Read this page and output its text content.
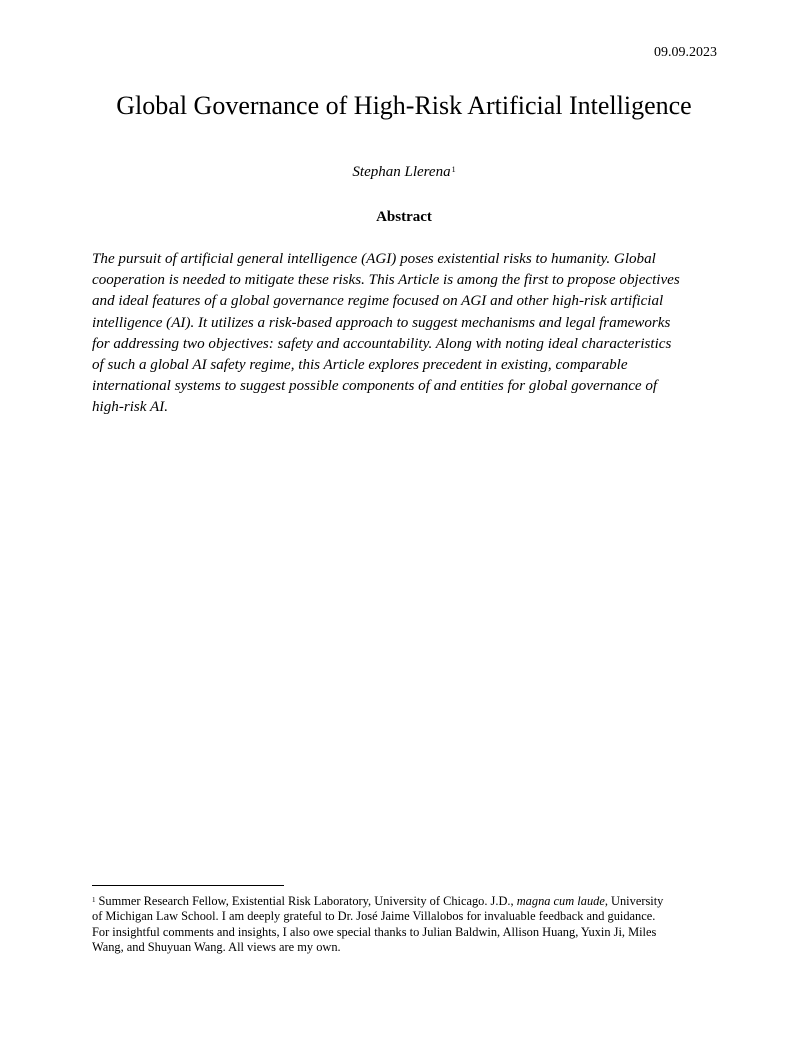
09.09.2023
Global Governance of High-Risk Artificial Intelligence
Stephan Llerena$^1$
Abstract

The pursuit of artificial general intelligence (AGI) poses existential risks to humanity. Global
cooperation is needed to mitigate these risks. This Article is among the first to propose objectives
and ideal features of a global governance regime focused on AGI and other high-risk artificial
intelligence (AI). It utilizes a risk-based approach to suggest mechanisms and legal frameworks
for addressing two objectives: safety and accountability. Along with noting ideal characteristics
of such a global AI safety regime, this Article explores precedent in existing, comparable
international systems to suggest possible components of and entities for global governance of
high-risk AI.

$^1$ Summer Research Fellow, Existential Risk Laboratory, University of Chicago. J.D., magna cum laude, University
of Michigan Law School. I am deeply grateful to Dr. José Jaime Villalobos for invaluable feedback and guidance.
For insightful comments and insights, I also owe special thanks to Julian Baldwin, Allison Huang, Yuxin Ji, Miles
Wang, and Shuyuan Wang. All views are my own.
